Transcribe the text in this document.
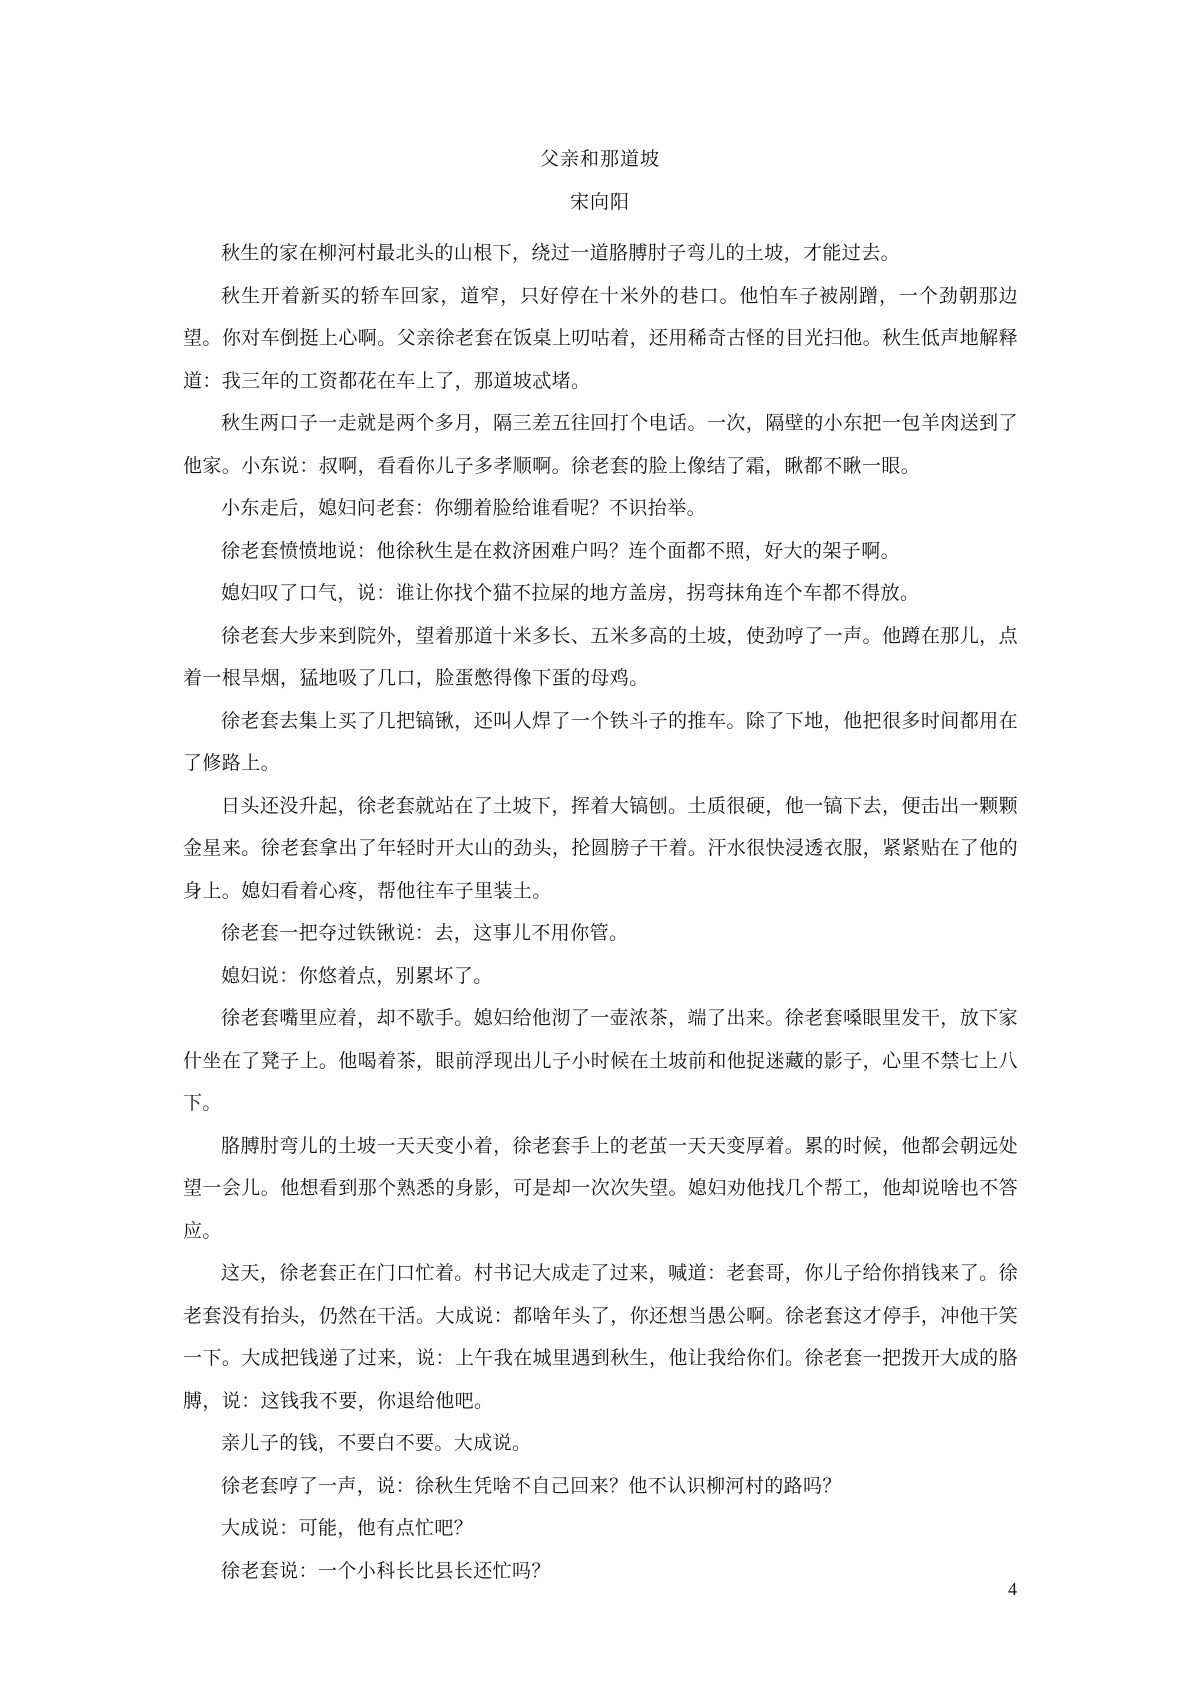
父亲和那道坡
宋向阳

秋生的家在柳河村最北头的山根下，绕过一道胳膊肘子弯儿的土坡，才能过去。

秋生开着新买的轿车回家，道窄，只好停在十米外的巷口。他怕车子被剐蹭，一个劲朝那边望。你对车倒挺上心啊。父亲徐老套在饭桌上叨咕着，还用稀奇古怪的目光扫他。秋生低声地解释道：我三年的工资都花在车上了，那道坡忒堵。

秋生两口子一走就是两个多月，隔三差五往回打个电话。一次，隔壁的小东把一包羊肉送到了他家。小东说：叔啊，看看你儿子多孝顺啊。徐老套的脸上像结了霜，瞅都不瞅一眼。

小东走后，媳妇问老套：你绷着脸给谁看呢？不识抬举。

徐老套愤愤地说：他徐秋生是在救济困难户吗？连个面都不照，好大的架子啊。

媳妇叹了口气，说：谁让你找个猫不拉屎的地方盖房，拐弯抹角连个车都不得放。

徐老套大步来到院外，望着那道十米多长、五米多高的土坡，使劲哼了一声。他蹲在那儿，点着一根旱烟，猛地吸了几口，脸蛋憋得像下蛋的母鸡。

徐老套去集上买了几把镐锹，还叫人焊了一个铁斗子的推车。除了下地，他把很多时间都用在了修路上。

日头还没升起，徐老套就站在了土坡下，挥着大镐刨。土质很硬，他一镐下去，便击出一颗颗金星来。徐老套拿出了年轻时开大山的劲头，抡圆膀子干着。汗水很快浸透衣服，紧紧贴在了他的身上。媳妇看着心疼，帮他往车子里装土。

徐老套一把夺过铁锹说：去，这事儿不用你管。

媳妇说：你悠着点，别累坏了。

徐老套嘴里应着，却不歇手。媳妇给他沏了一壶浓茶，端了出来。徐老套嗓眼里发干，放下家什坐在了凳子上。他喝着茶，眼前浮现出儿子小时候在土坡前和他捉迷藏的影子，心里不禁七上八下。

胳膊肘弯儿的土坡一天天变小着，徐老套手上的老茧一天天变厚着。累的时候，他都会朝远处望一会儿。他想看到那个熟悉的身影，可是却一次次失望。媳妇劝他找几个帮工，他却说啥也不答应。

这天，徐老套正在门口忙着。村书记大成走了过来，喊道：老套哥，你儿子给你捎钱来了。徐老套没有抬头，仍然在干活。大成说：都啥年头了，你还想当愚公啊。徐老套这才停手，冲他干笑一下。大成把钱递了过来，说：上午我在城里遇到秋生，他让我给你们。徐老套一把拨开大成的胳膊，说：这钱我不要，你退给他吧。

亲儿子的钱，不要白不要。大成说。

徐老套哼了一声，说：徐秋生凭啥不自己回来？他不认识柳河村的路吗？

大成说：可能，他有点忙吧？

徐老套说：一个小科长比县长还忙吗？

4
